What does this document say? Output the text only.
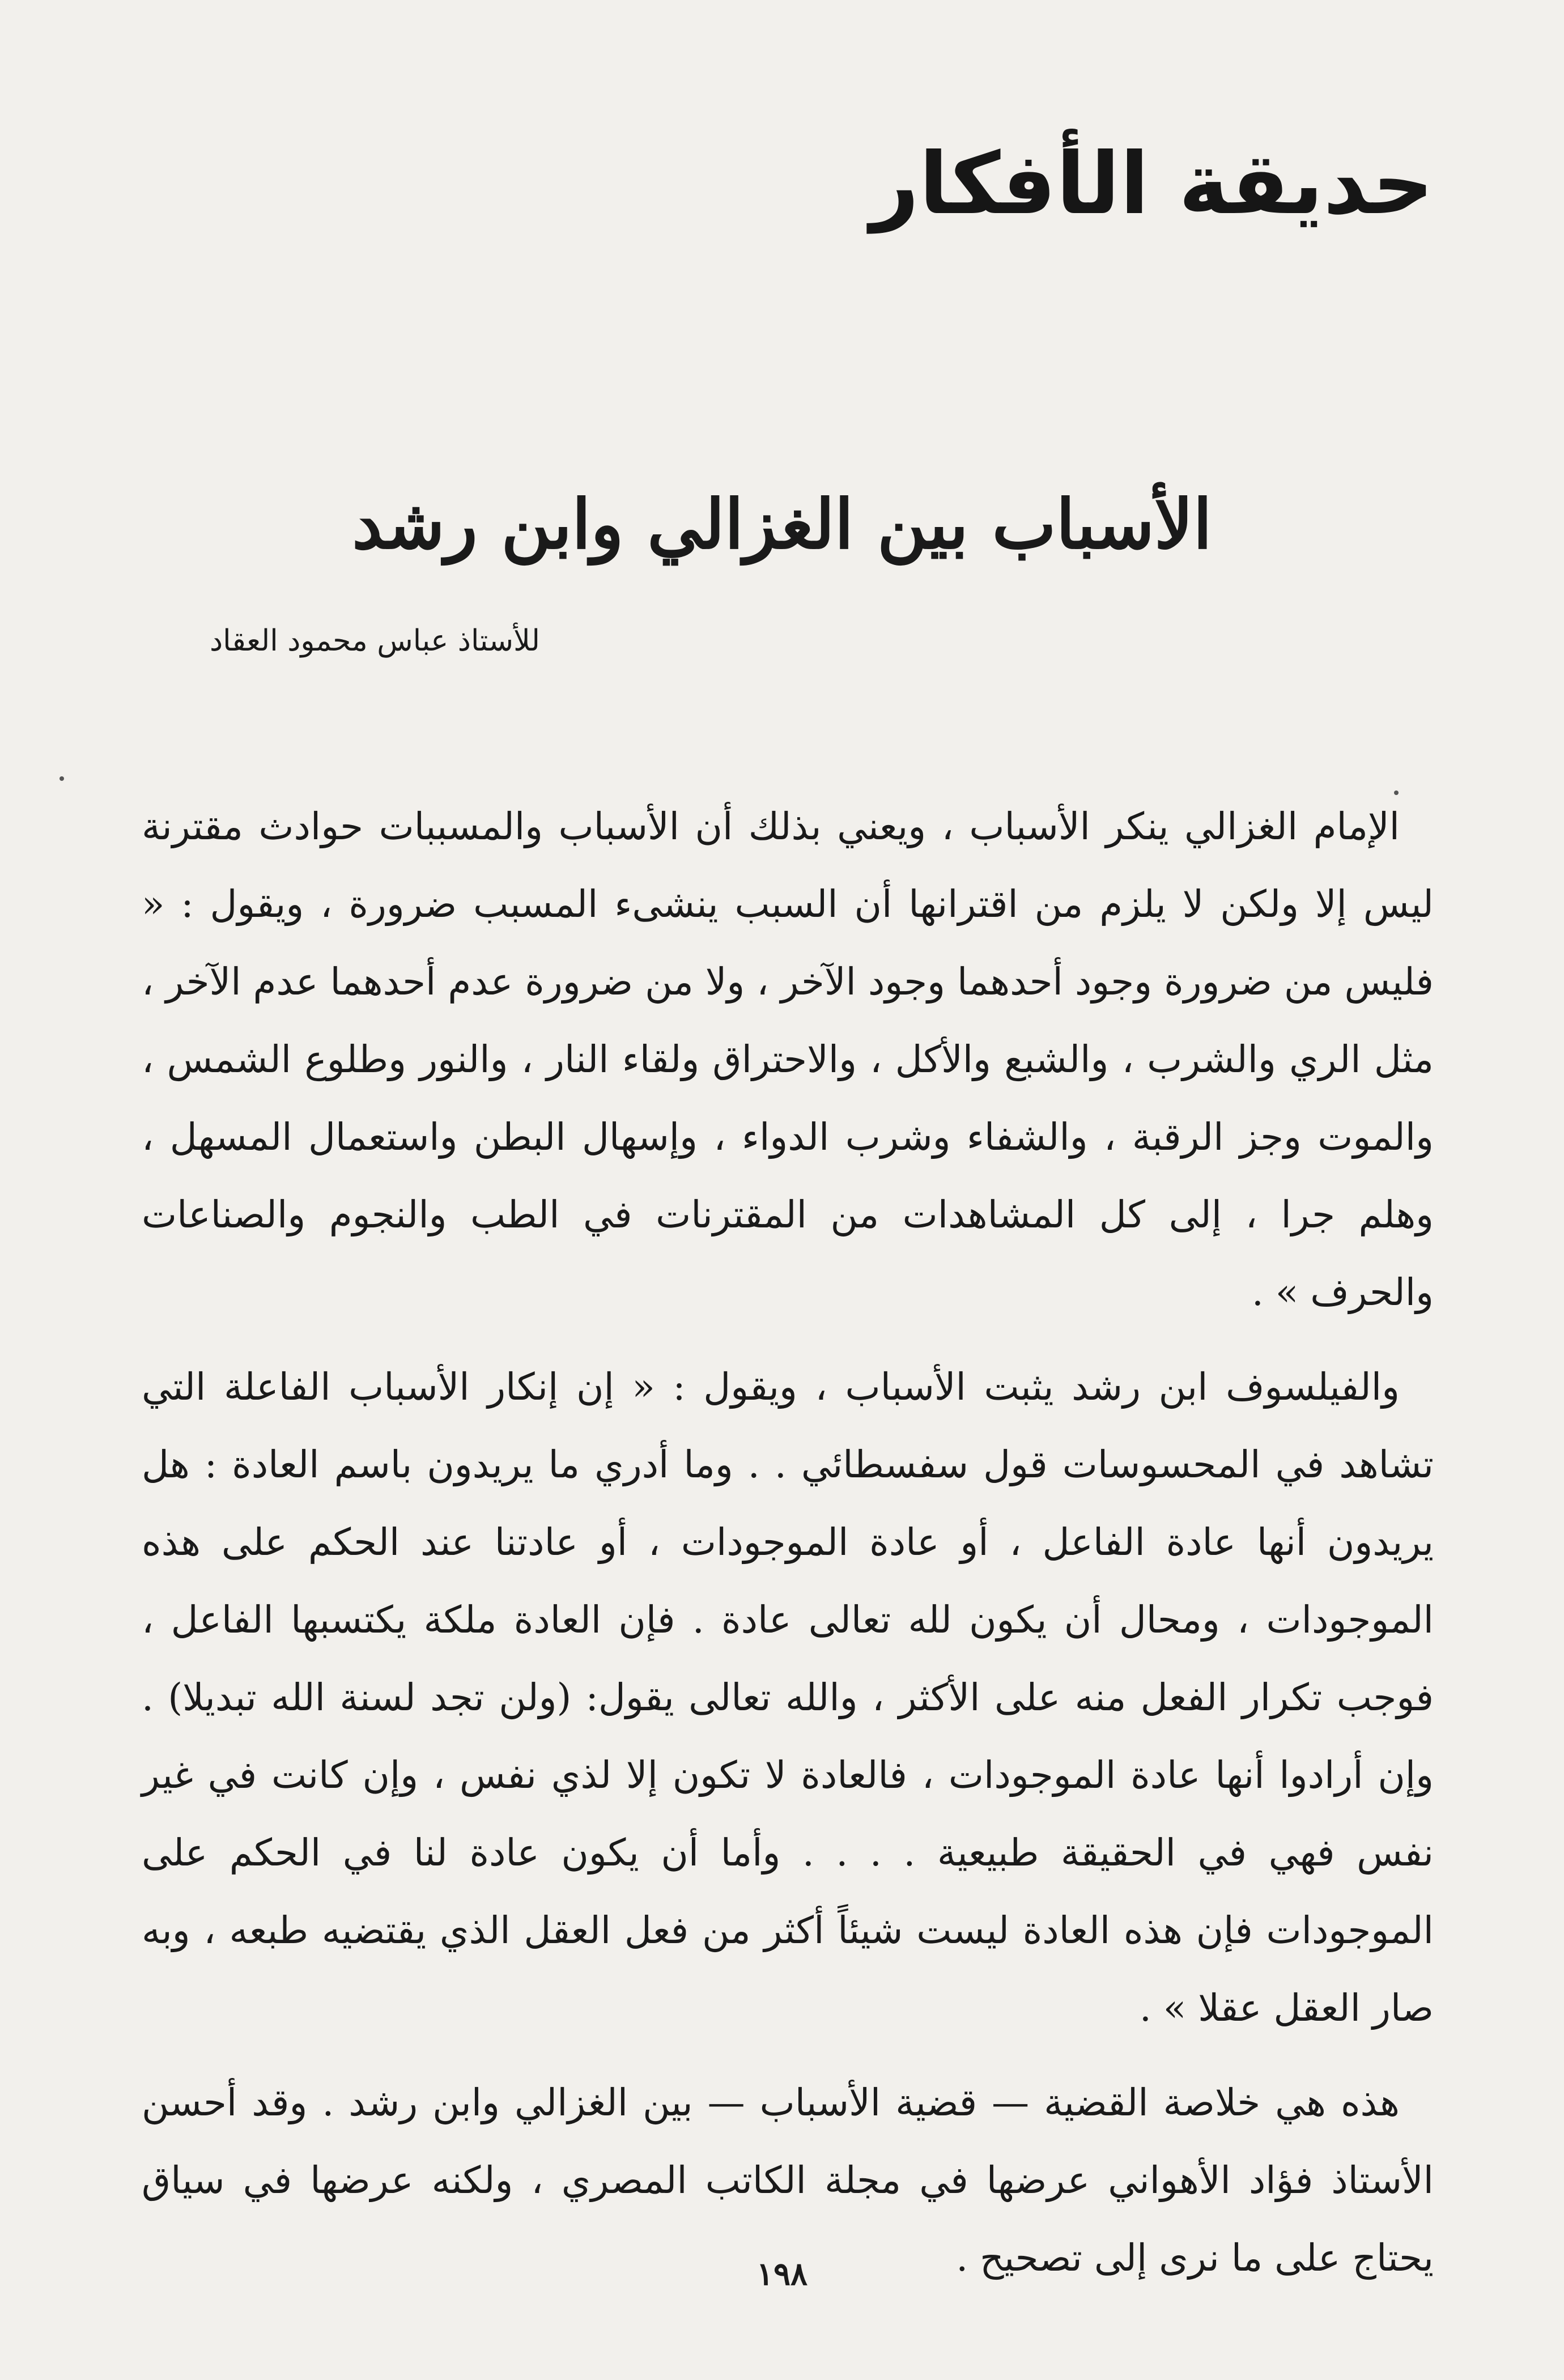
حديقة الأفكار
الأسباب بين الغزالي وابن رشد
للأستاذ عباس محمود العقاد

الإمام الغزالي ينكر الأسباب ، ويعني بذلك أن الأسباب والمسببات حوادث مقترنة ليس إلا ولكن لا يلزم من اقترانها أن السبب ينشىء المسبب ضرورة ، ويقول : « فليس من ضرورة وجود أحدهما وجود الآخر ، ولا من ضرورة عدم أحدهما عدم الآخر ، مثل الري والشرب ، والشبع والأكل ، والاحتراق ولقاء النار ، والنور وطلوع الشمس ، والموت وجز الرقبة ، والشفاء وشرب الدواء ، وإسهال البطن واستعمال المسهل ، وهلم جرا ، إلى كل المشاهدات من المقترنات في الطب والنجوم والصناعات والحرف » .

والفيلسوف ابن رشد يثبت الأسباب ، ويقول : « إن إنكار الأسباب الفاعلة التي تشاهد في المحسوسات قول سفسطائي . . وما أدري ما يريدون باسم العادة : هل يريدون أنها عادة الفاعل ، أو عادة الموجودات ، أو عادتنا عند الحكم على هذه الموجودات ، ومحال أن يكون لله تعالى عادة . فإن العادة ملكة يكتسبها الفاعل ، فوجب تكرار الفعل منه على الأكثر ، والله تعالى يقول: (ولن تجد لسنة الله تبديلا) . وإن أرادوا أنها عادة الموجودات ، فالعادة لا تكون إلا لذي نفس ، وإن كانت في غير نفس فهي في الحقيقة طبيعية . . . . وأما أن يكون عادة لنا في الحكم على الموجودات فإن هذه العادة ليست شيئاً أكثر من فعل العقل الذي يقتضيه طبعه ، وبه صار العقل عقلا » .

هذه هي خلاصة القضية — قضية الأسباب — بين الغزالي وابن رشد . وقد أحسن الأستاذ فؤاد الأهواني عرضها في مجلة الكاتب المصري ، ولكنه عرضها في سياق يحتاج على ما نرى إلى تصحيح .

١٩٨
